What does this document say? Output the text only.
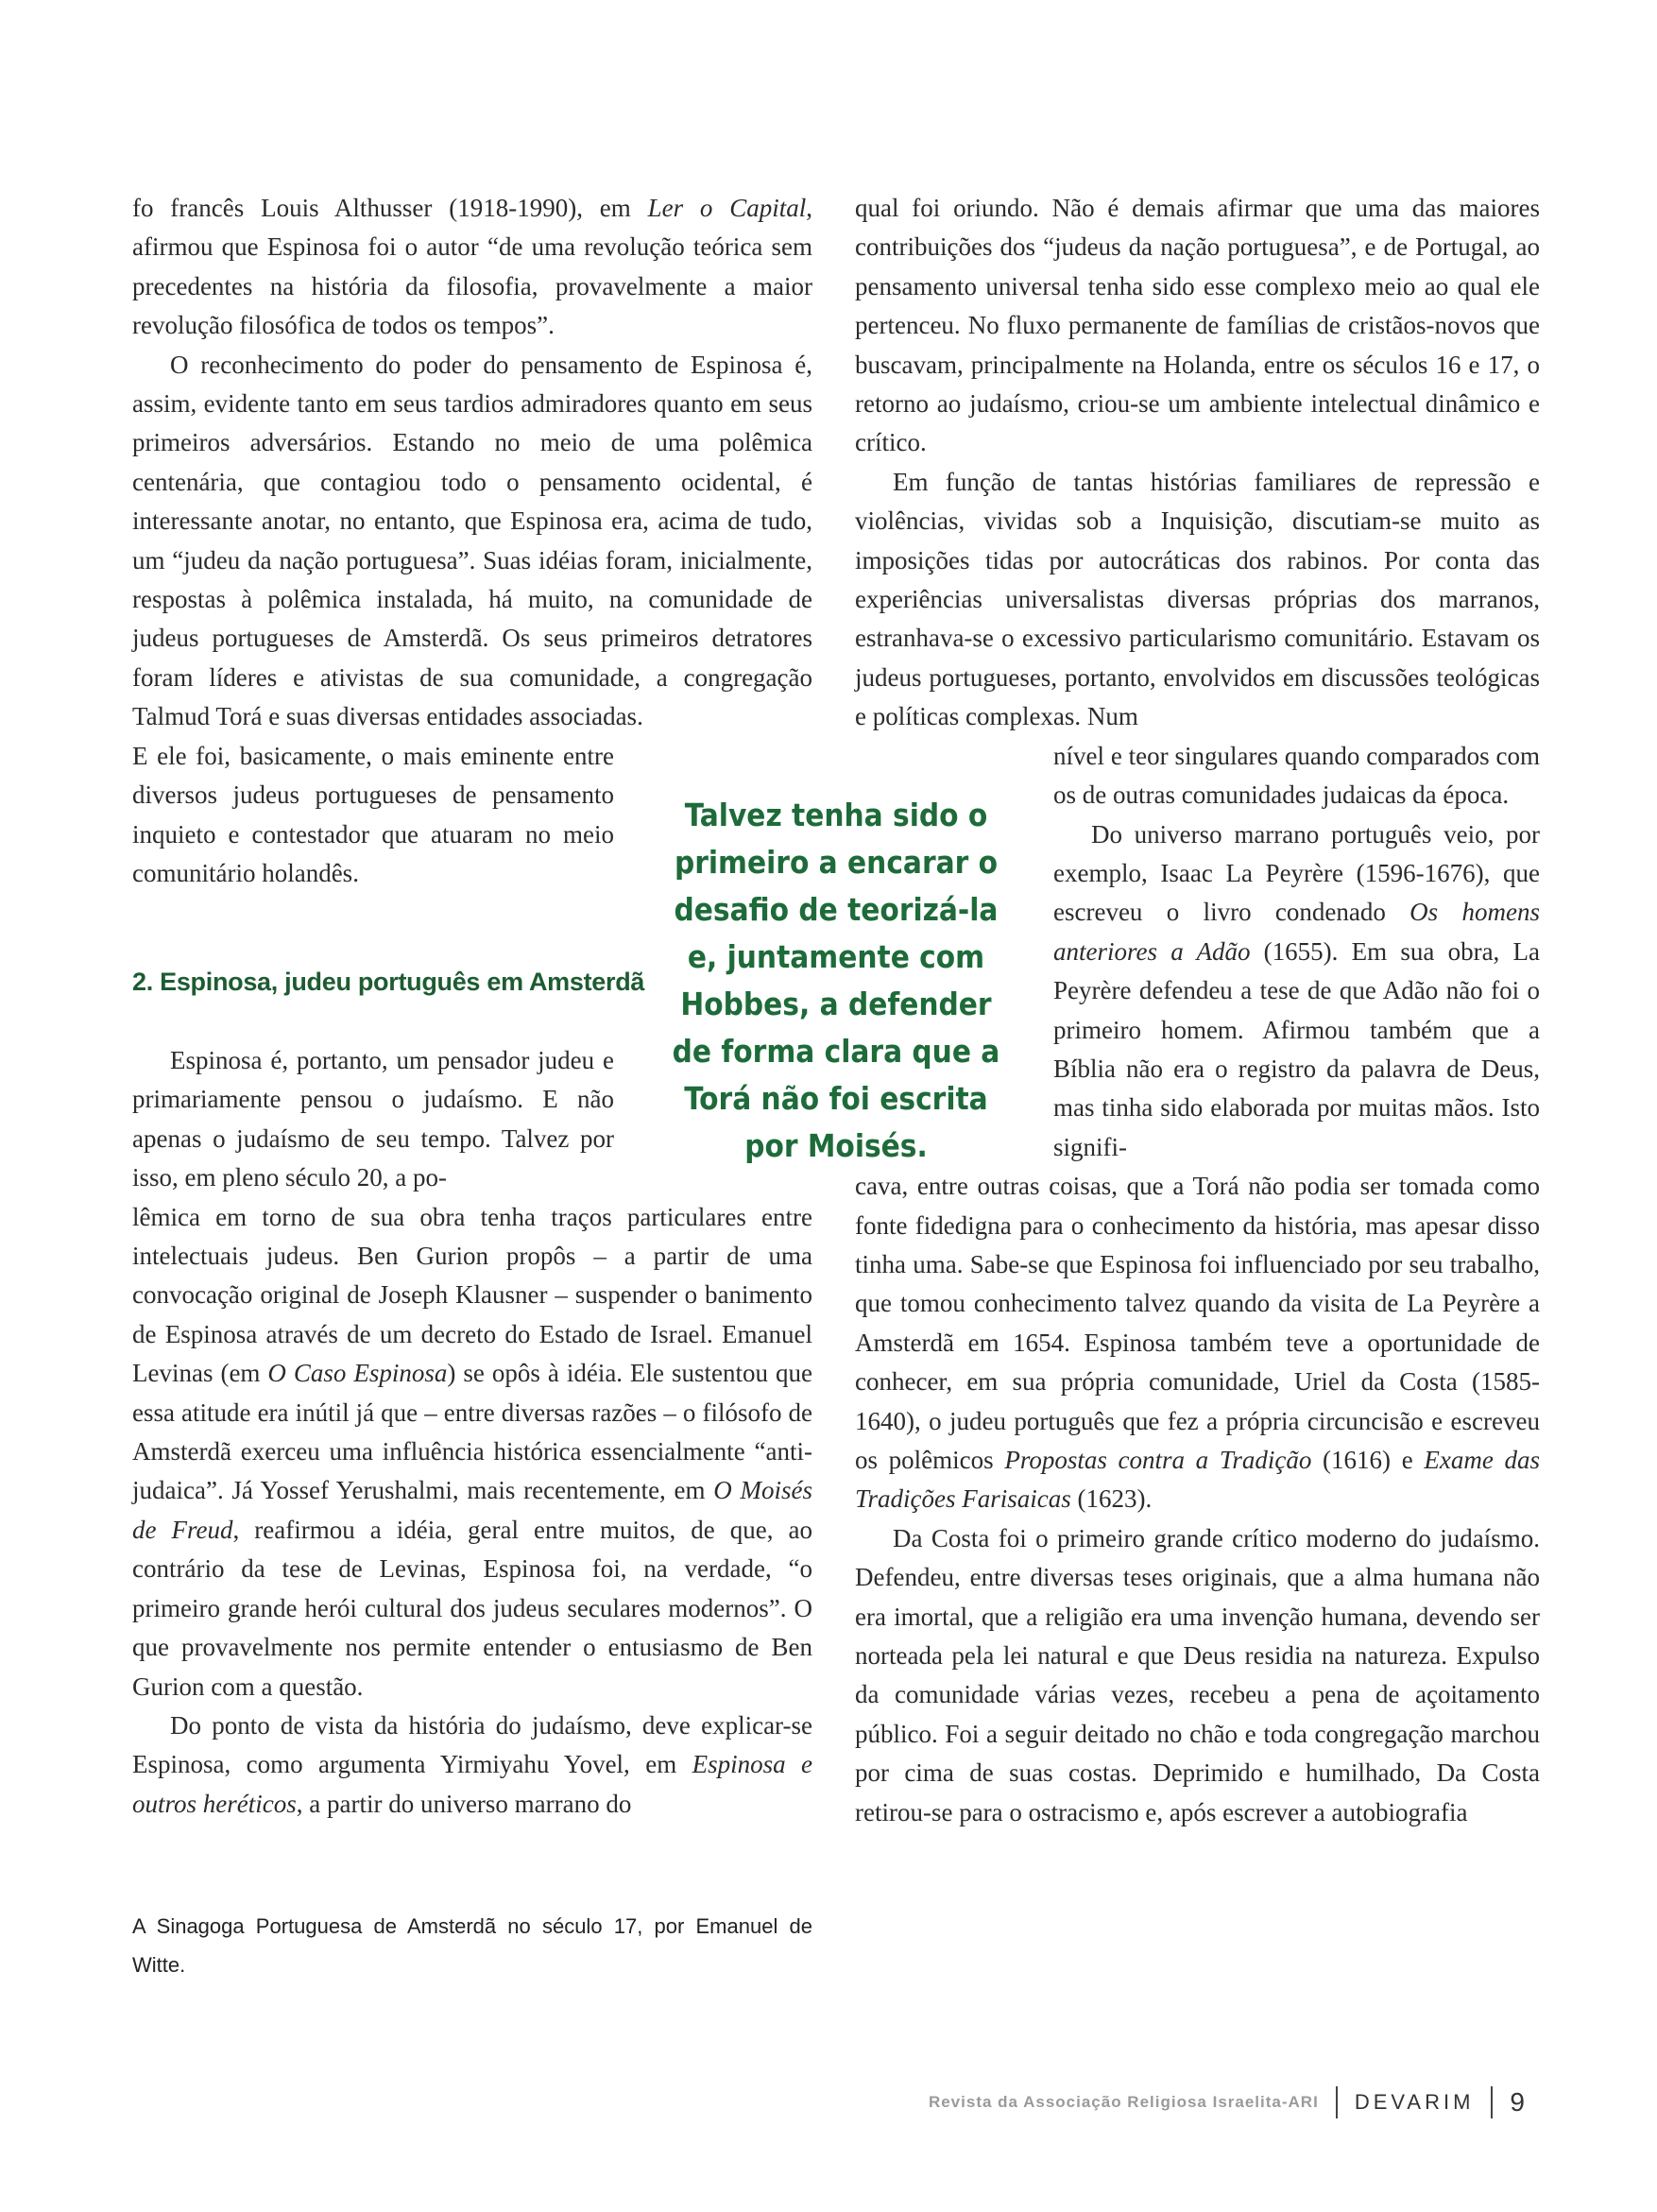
fo francês Louis Althusser (1918-1990), em Ler o Capital, afirmou que Espinosa foi o autor “de uma revolução teórica sem precedentes na história da filosofia, provavelmente a maior revolução filosófica de todos os tempos”.

O reconhecimento do poder do pensamento de Espinosa é, assim, evidente tanto em seus tardios admiradores quanto em seus primeiros adversários. Estando no meio de uma polêmica centenária, que contagiou todo o pensamento ocidental, é interessante anotar, no entanto, que Espinosa era, acima de tudo, um “judeu da nação portuguesa”. Suas idéias foram, inicialmente, respostas à polêmica instalada, há muito, na comunidade de judeus portugueses de Amsterdã. Os seus primeiros detratores foram líderes e ativistas de sua comunidade, a congregação Talmud Torá e suas diversas entidades associadas.

E ele foi, basicamente, o mais eminente entre diversos judeus portugueses de pensamento inquieto e contestador que atuaram no meio comunitário holandês.

2. Espinosa, judeu português em Amsterdã

Espinosa é, portanto, um pensador judeu e primariamente pensou o judaísmo. E não apenas o judaísmo de seu tempo. Talvez por isso, em pleno século 20, a po-

lêmica em torno de sua obra tenha traços particulares entre intelectuais judeus. Ben Gurion propôs – a partir de uma convocação original de Joseph Klausner – suspender o banimento de Espinosa através de um decreto do Estado de Israel. Emanuel Levinas (em O Caso Espinosa) se opôs à idéia. Ele sustentou que essa atitude era inútil já que – entre diversas razões – o filósofo de Amsterdã exerceu uma influência histórica essencialmente “anti-judaica”. Já Yossef Yerushalmi, mais recentemente, em O Moisés de Freud, reafirmou a idéia, geral entre muitos, de que, ao contrário da tese de Levinas, Espinosa foi, na verdade, “o primeiro grande herói cultural dos judeus seculares modernos”. O que provavelmente nos permite entender o entusiasmo de Ben Gurion com a questão.

Do ponto de vista da história do judaísmo, deve explicar-se Espinosa, como argumenta Yirmiyahu Yovel, em Espinosa e outros heréticos, a partir do universo marrano do

A Sinagoga Portuguesa de Amsterdã no século 17, por Emanuel de Witte.

Talvez tenha sido o primeiro a encarar o desafio de teorizá-la e, juntamente com Hobbes, a defender de forma clara que a Torá não foi escrita por Moisés.

qual foi oriundo. Não é demais afirmar que uma das maiores contribuições dos “judeus da nação portuguesa”, e de Portugal, ao pensamento universal tenha sido esse complexo meio ao qual ele pertenceu. No fluxo permanente de famílias de cristãos-novos que buscavam, principalmente na Holanda, entre os séculos 16 e 17, o retorno ao judaísmo, criou-se um ambiente intelectual dinâmico e crítico.

Em função de tantas histórias familiares de repressão e violências, vividas sob a Inquisição, discutiam-se muito as imposições tidas por autocráticas dos rabinos. Por conta das experiências universalistas diversas próprias dos marranos, estranhava-se o excessivo particularismo comunitário. Estavam os judeus portugueses, portanto, envolvidos em discussões teológicas e políticas complexas. Num

nível e teor singulares quando comparados com os de outras comunidades judaicas da época.

Do universo marrano português veio, por exemplo, Isaac La Peyrère (1596-1676), que escreveu o livro condenado Os homens anteriores a Adão (1655). Em sua obra, La Peyrère defendeu a tese de que Adão não foi o primeiro homem. Afirmou também que a Bíblia não era o registro da palavra de Deus, mas tinha sido elaborada por muitas mãos. Isto signifi-

cava, entre outras coisas, que a Torá não podia ser tomada como fonte fidedigna para o conhecimento da história, mas apesar disso tinha uma. Sabe-se que Espinosa foi influenciado por seu trabalho, que tomou conhecimento talvez quando da visita de La Peyrère a Amsterdã em 1654. Espinosa também teve a oportunidade de conhecer, em sua própria comunidade, Uriel da Costa (1585-1640), o judeu português que fez a própria circuncisão e escreveu os polêmicos Propostas contra a Tradição (1616) e Exame das Tradições Farisaicas (1623).

Da Costa foi o primeiro grande crítico moderno do judaísmo. Defendeu, entre diversas teses originais, que a alma humana não era imortal, que a religião era uma invenção humana, devendo ser norteada pela lei natural e que Deus residia na natureza. Expulso da comunidade várias vezes, recebeu a pena de açoitamento público. Foi a seguir deitado no chão e toda congregação marchou por cima de suas costas. Deprimido e humilhado, Da Costa retirou-se para o ostracismo e, após escrever a autobiografia

Revista da Associação Religiosa Israelita-ARI DEVARIM 9
